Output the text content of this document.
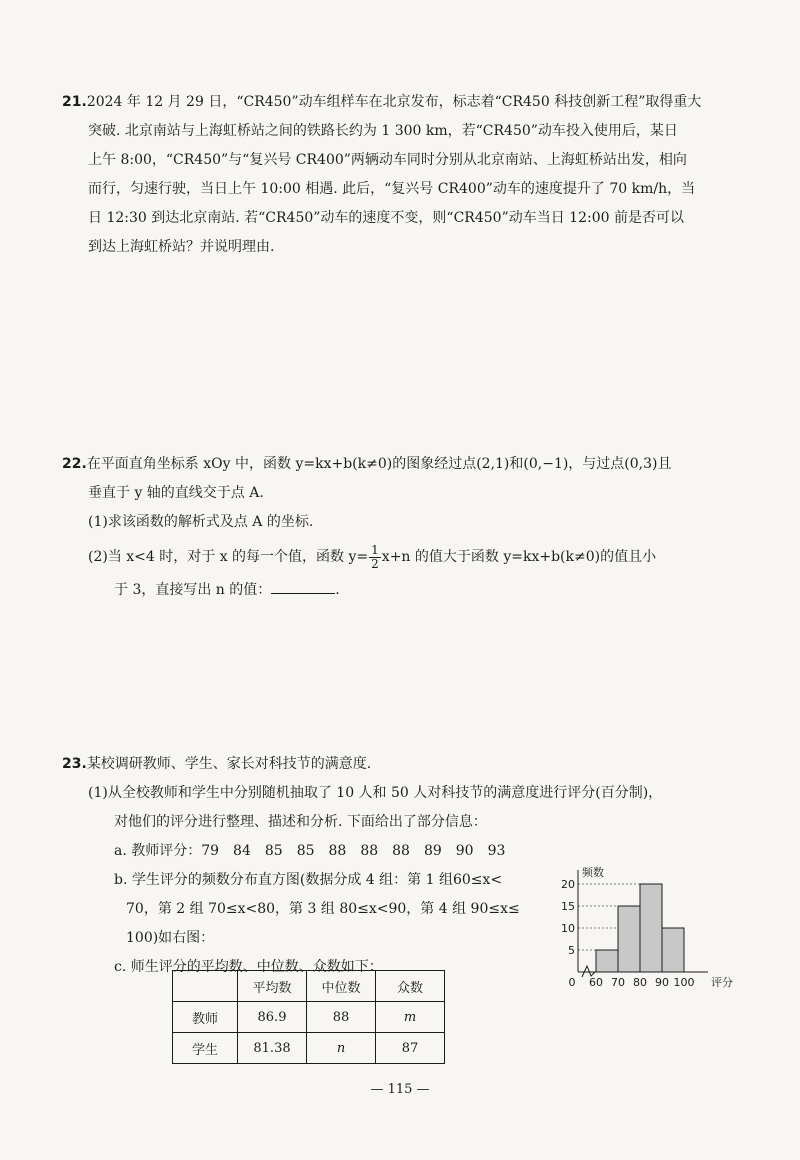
21.2024 年 12 月 29 日，“CR450”动车组样车在北京发布，标志着“CR450 科技创新工程”取得重大
突破. 北京南站与上海虹桥站之间的铁路长约为 1 300 km，若“CR450”动车投入使用后，某日
上午 8:00，“CR450”与“复兴号 CR400”两辆动车同时分别从北京南站、上海虹桥站出发，相向
而行，匀速行驶，当日上午 10:00 相遇. 此后，“复兴号 CR400”动车的速度提升了 70 km/h，当
日 12:30 到达北京南站. 若“CR450”动车的速度不变，则“CR450”动车当日 12:00 前是否可以
到达上海虹桥站？并说明理由.
22.在平面直角坐标系 xOy 中，函数 y=kx+b(k≠0)的图象经过点(2,1)和(0,−1)，与过点(0,3)且
垂直于 y 轴的直线交于点 A.
(1)求该函数的解析式及点 A 的坐标.
(2)当 x<4 时，对于 x 的每一个值，函数 $y= \frac{1}{2} x+n$ 的值大于函数 y=kx+b(k≠0)的值且小
于 3，直接写出 n 的值：	.
23.某校调研教师、学生、家长对科技节的满意度.
(1)从全校教师和学生中分别随机抽取了 10 人和 50 人对科技节的满意度进行评分(百分制)，
对他们的评分进行整理、描述和分析. 下面给出了部分信息：
a. 教师评分：79　84　85　85　88　88　88　89　90　93
b. 学生评分的频数分布直方图(数据分成 4 组：第 1 组60≤x<
70，第 2 组 70≤x<80，第 3 组 80≤x<90，第 4 组 90≤x≤
100)如右图：
c. 师生评分的平均数、中位数、众数如下：
	平均数	中位数	众数
教师	86.9	88	m
学生	81.38	n	87
5
10
15
20
0 60 70 80 90 100
频数
评分
— 115 —
